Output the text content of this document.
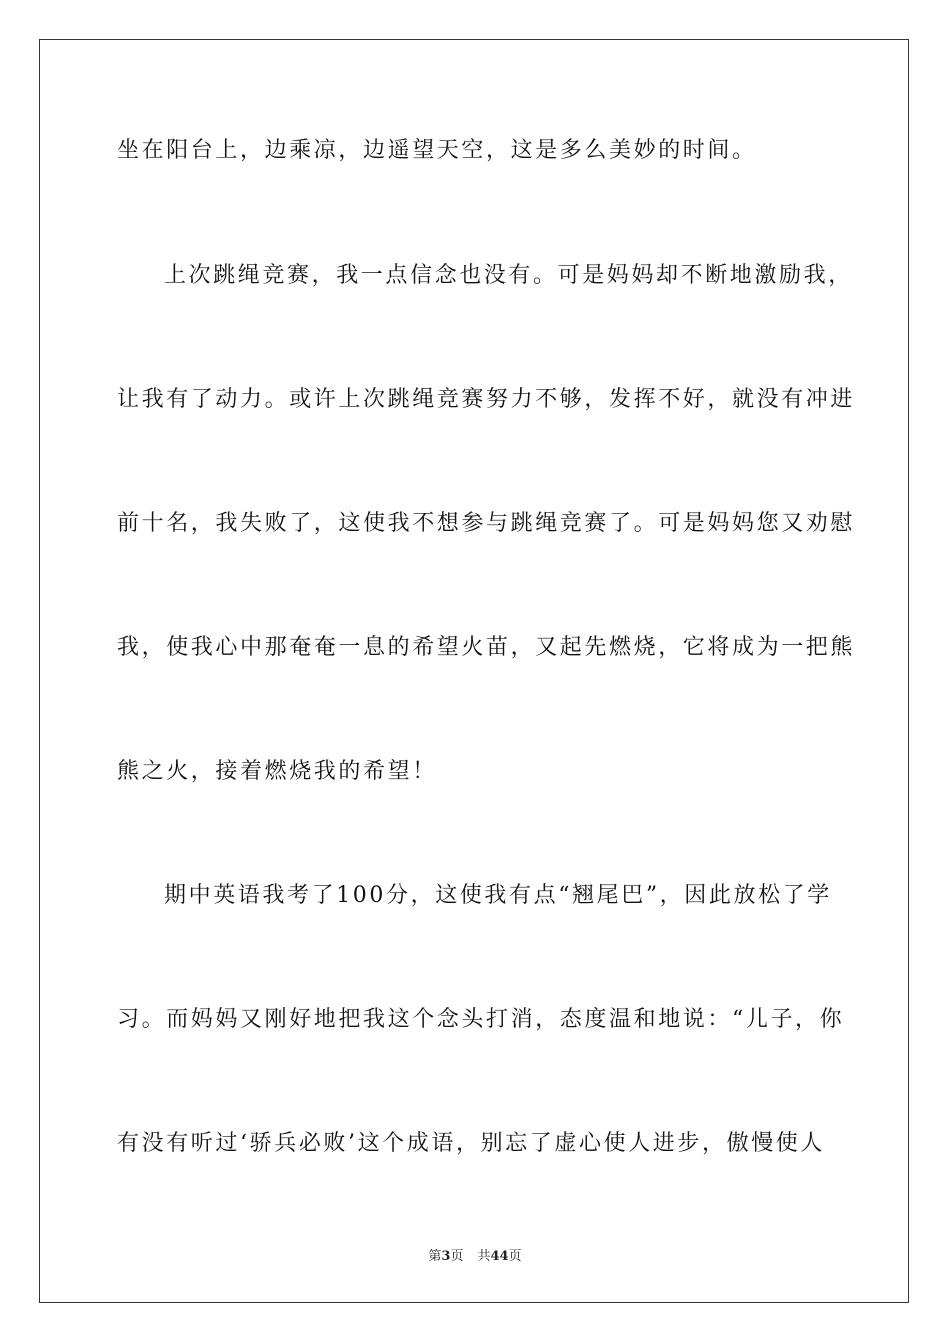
坐在阳台上，边乘凉，边遥望天空，这是多么美妙的时间。
上次跳绳竞赛，我一点信念也没有。可是妈妈却不断地激励我，
让我有了动力。或许上次跳绳竞赛努力不够，发挥不好，就没有冲进
前十名，我失败了，这使我不想参与跳绳竞赛了。可是妈妈您又劝慰
我，使我心中那奄奄一息的希望火苗，又起先燃烧，它将成为一把熊
熊之火，接着燃烧我的希望！
期中英语我考了100分，这使我有点“翘尾巴”，因此放松了学
习。而妈妈又刚好地把我这个念头打消，态度温和地说：“儿子，你
有没有听过‘骄兵必败’这个成语，别忘了虚心使人进步，傲慢使人
第3页 共44页
